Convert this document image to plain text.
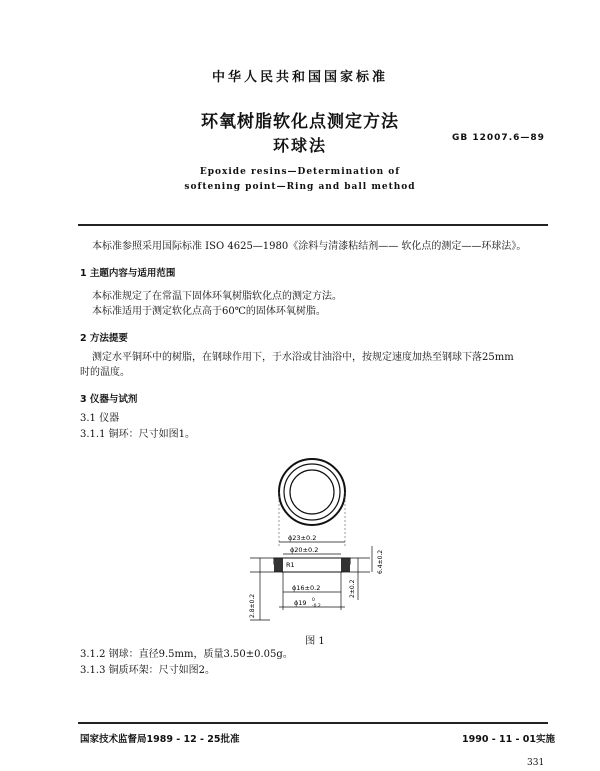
中华人民共和国国家标准
环氧树脂软化点测定方法
环球法	GB 12007.6—89
Epoxide resins—Determination of
softening point—Ring and ball method
本标准参照采用国际标准 ISO 4625—1980《涂料与清漆粘结剂—— 软化点的测定——环球法》。
1 主题内容与适用范围
本标准规定了在常温下固体环氧树脂软化点的测定方法。
本标准适用于测定软化点高于60℃的固体环氧树脂。
2 方法提要
测定水平铜环中的树脂，在钢球作用下，于水浴或甘油浴中，按规定速度加热至钢球下落25mm
时的温度。
3 仪器与试剂
3.1 仪器
3.1.1 铜环：尺寸如图1。
ϕ23±0.2
ϕ20±0.2
R1
ϕ16±0.2
ϕ19 0
-0.2
2.8±0.2
2±0.2
6.4±0.2
图 1
3.1.2 钢球：直径9.5mm，质量3.50±0.05g。
3.1.3 铜质环架：尺寸如图2。
国家技术监督局1989 - 12 - 25批准	1990 - 11 - 01实施
331
